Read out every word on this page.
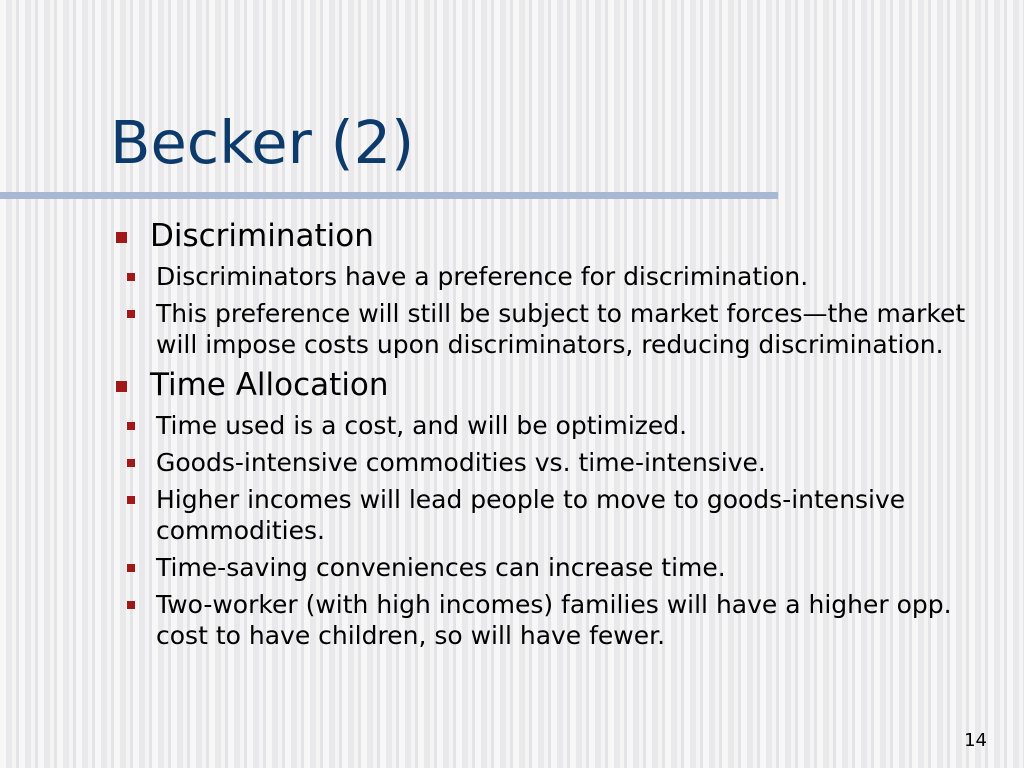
Becker (2)
Discrimination
Discriminators have a preference for discrimination.
This preference will still be subject to market forces—the market will impose costs upon discriminators, reducing discrimination.
Time Allocation
Time used is a cost, and will be optimized.
Goods-intensive commodities vs. time-intensive.
Higher incomes will lead people to move to goods-intensive commodities.
Time-saving conveniences can increase time.
Two-worker (with high incomes) families will have a higher opp. cost to have children, so will have fewer.
14
